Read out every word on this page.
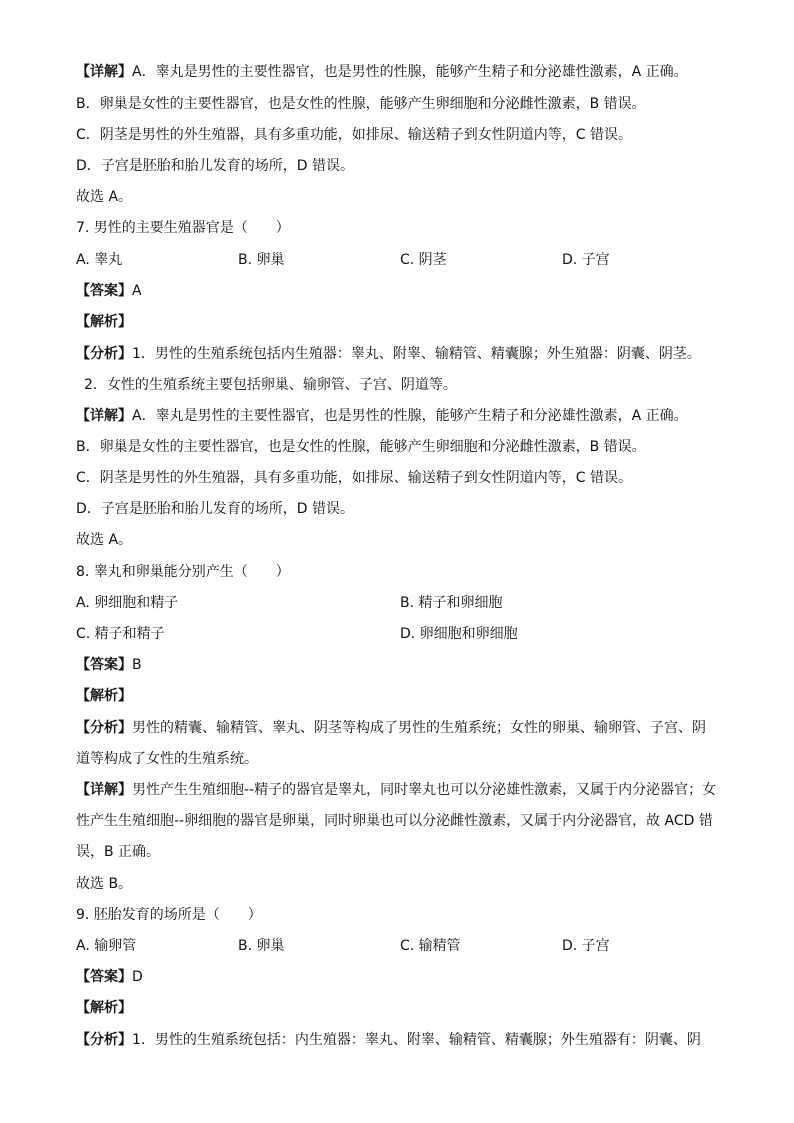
【详解】A．睾丸是男性的主要性器官，也是男性的性腺，能够产生精子和分泌雄性激素，A 正确。
B．卵巢是女性的主要性器官，也是女性的性腺，能够产生卵细胞和分泌雌性激素，B 错误。
C．阴茎是男性的外生殖器，具有多重功能，如排尿、输送精子到女性阴道内等，C 错误。
D．子宫是胚胎和胎儿发育的场所，D 错误。
故选 A。
7. 男性的主要生殖器官是（　　）
A. 睾丸	B. 卵巢	C. 阴茎	D. 子宫
【答案】A
【解析】
【分析】1．男性的生殖系统包括内生殖器：睾丸、附睾、输精管、精囊腺；外生殖器：阴囊、阴茎。
2．女性的生殖系统主要包括卵巢、输卵管、子宫、阴道等。
【详解】A．睾丸是男性的主要性器官，也是男性的性腺，能够产生精子和分泌雄性激素，A 正确。
B．卵巢是女性的主要性器官，也是女性的性腺，能够产生卵细胞和分泌雌性激素，B 错误。
C．阴茎是男性的外生殖器，具有多重功能，如排尿、输送精子到女性阴道内等，C 错误。
D．子宫是胚胎和胎儿发育的场所，D 错误。
故选 A。
8. 睾丸和卵巢能分别产生（　　）
A. 卵细胞和精子	B. 精子和卵细胞
C. 精子和精子	D. 卵细胞和卵细胞
【答案】B
【解析】
【分析】男性的精囊、输精管、睾丸、阴茎等构成了男性的生殖系统；女性的卵巢、输卵管、子宫、阴
道等构成了女性的生殖系统。
【详解】男性产生生殖细胞--精子的器官是睾丸，同时睾丸也可以分泌雄性激素，又属于内分泌器官；女
性产生生殖细胞--卵细胞的器官是卵巢，同时卵巢也可以分泌雌性激素，又属于内分泌器官，故 ACD 错
误，B 正确。
故选 B。
9. 胚胎发育的场所是（　　）
A. 输卵管	B. 卵巢	C. 输精管	D. 子宫
【答案】D
【解析】
【分析】1．男性的生殖系统包括：内生殖器：睾丸、附睾、输精管、精囊腺；外生殖器有：阴囊、阴
